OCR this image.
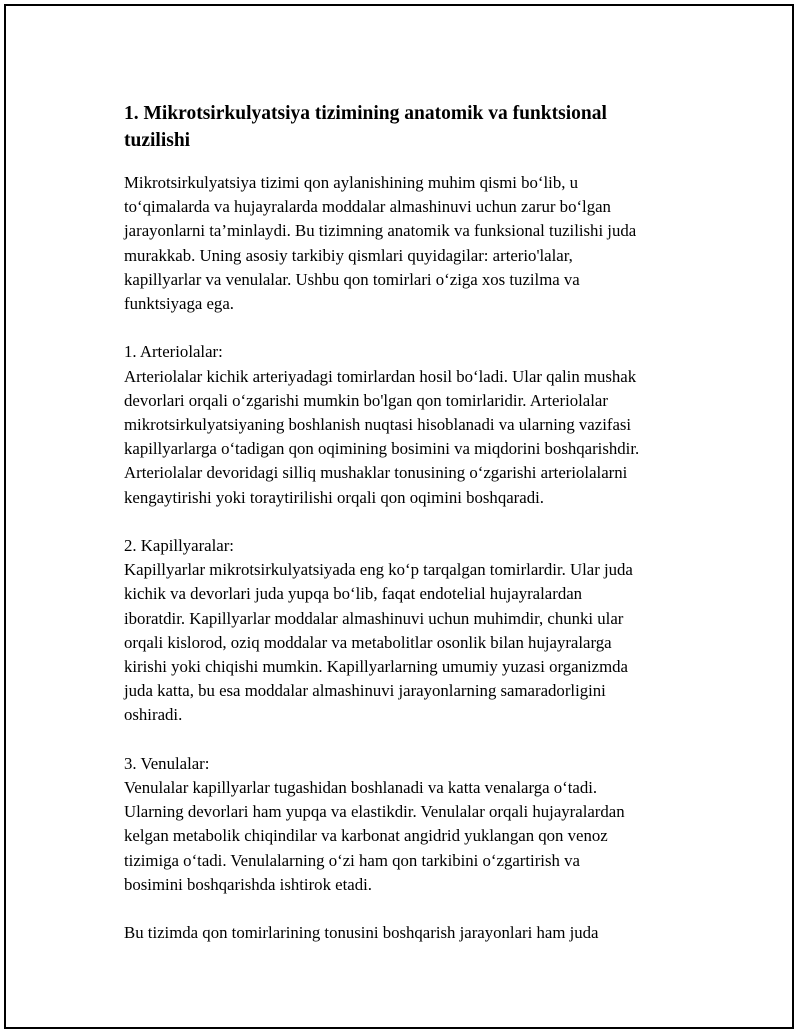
1. Mikrotsirkulyatsiya tizimining anatomik va funktsional
tuzilishi

Mikrotsirkulyatsiya tizimi qon aylanishining muhim qismi bo‘lib, u
to‘qimalarda va hujayralarda moddalar almashinuvi uchun zarur bo‘lgan
jarayonlarni ta’minlaydi. Bu tizimning anatomik va funksional tuzilishi juda
murakkab. Uning asosiy tarkibiy qismlari quyidagilar: arterio'lalar,
kapillyarlar va venulalar. Ushbu qon tomirlari o‘ziga xos tuzilma va
funktsiyaga ega.

1. Arteriolalar:
Arteriolalar kichik arteriyadagi tomirlardan hosil bo‘ladi. Ular qalin mushak
devorlari orqali o‘zgarishi mumkin bo'lgan qon tomirlaridir. Arteriolalar
mikrotsirkulyatsiyaning boshlanish nuqtasi hisoblanadi va ularning vazifasi
kapillyarlarga o‘tadigan qon oqimining bosimini va miqdorini boshqarishdir.
Arteriolalar devoridagi silliq mushaklar tonusining o‘zgarishi arteriolalarni
kengaytirishi yoki toraytirilishi orqali qon oqimini boshqaradi.

2. Kapillyaralar:
Kapillyarlar mikrotsirkulyatsiyada eng ko‘p tarqalgan tomirlardir. Ular juda
kichik va devorlari juda yupqa bo‘lib, faqat endotelial hujayralardan
iboratdir. Kapillyarlar moddalar almashinuvi uchun muhimdir, chunki ular
orqali kislorod, oziq moddalar va metabolitlar osonlik bilan hujayralarga
kirishi yoki chiqishi mumkin. Kapillyarlarning umumiy yuzasi organizmda
juda katta, bu esa moddalar almashinuvi jarayonlarning samaradorligini
oshiradi.

3. Venulalar:
Venulalar kapillyarlar tugashidan boshlanadi va katta venalarga o‘tadi.
Ularning devorlari ham yupqa va elastikdir. Venulalar orqali hujayralardan
kelgan metabolik chiqindilar va karbonat angidrid yuklangan qon venoz
tizimiga o‘tadi. Venulalarning o‘zi ham qon tarkibini o‘zgartirish va
bosimini boshqarishda ishtirok etadi.

Bu tizimda qon tomirlarining tonusini boshqarish jarayonlari ham juda
